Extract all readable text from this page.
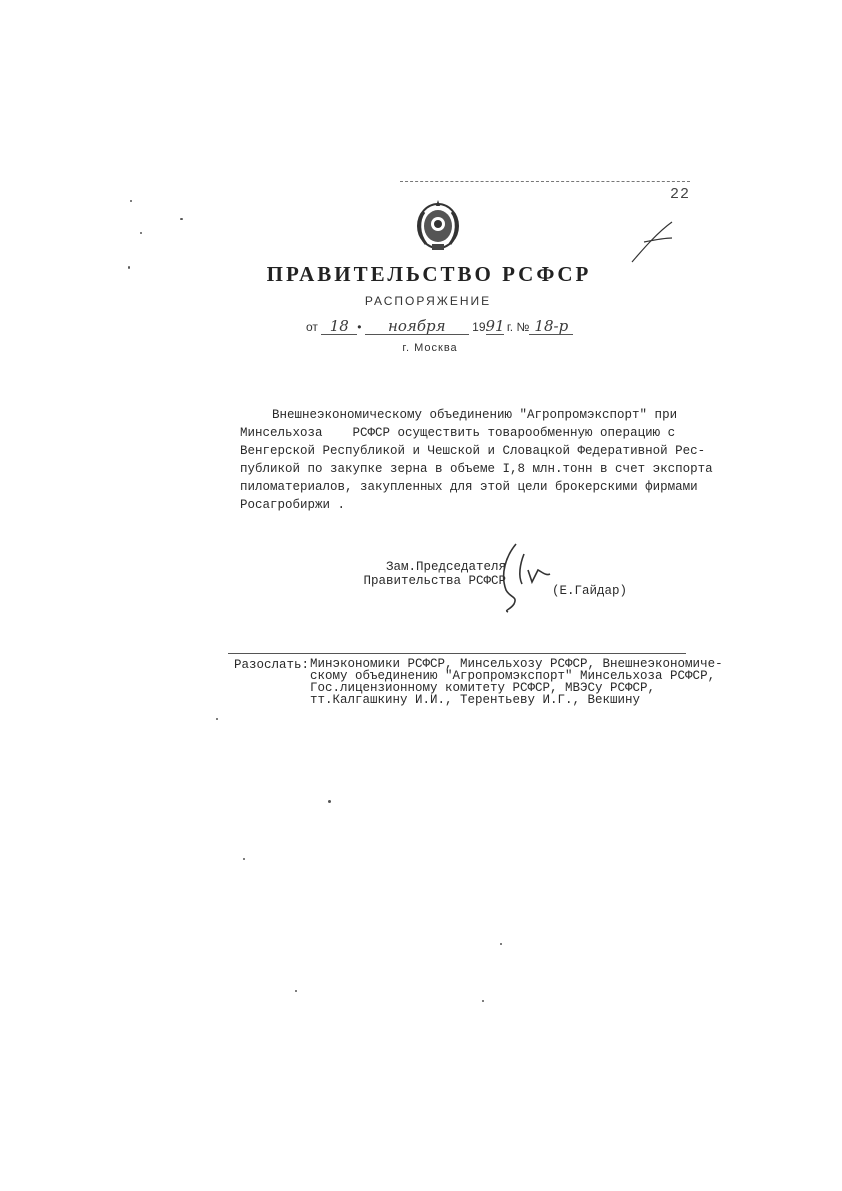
22
ПРАВИТЕЛЬСТВО РСФСР
РАСПОРЯЖЕНИЕ
от 18 • ноября 1991 г. № 18-р
г. Москва
Внешнеэкономическому объединению "Агропромэкспорт" при
Минсельхоза    РСФСР осуществить товарообменную операцию с
Венгерской Республикой и Чешской и Словацкой Федеративной Рес-
публикой по закупке зерна в объеме I,8 млн.тонн в счет экспорта
пиломатериалов, закупленных для этой цели брокерскими фирмами
Росагробиржи .
Зам.Председателя
Правительства РСФСР
(Е.Гайдар)
Разослать: Минэкономики РСФСР, Минсельхозу РСФСР, Внешнеэкономиче-
скому объединению "Агропромэкспорт" Минсельхоза РСФСР,
Гос.лицензионному комитету РСФСР, МВЭСу РСФСР,
тт.Калгашкину И.И., Терентьеву И.Г., Векшину
